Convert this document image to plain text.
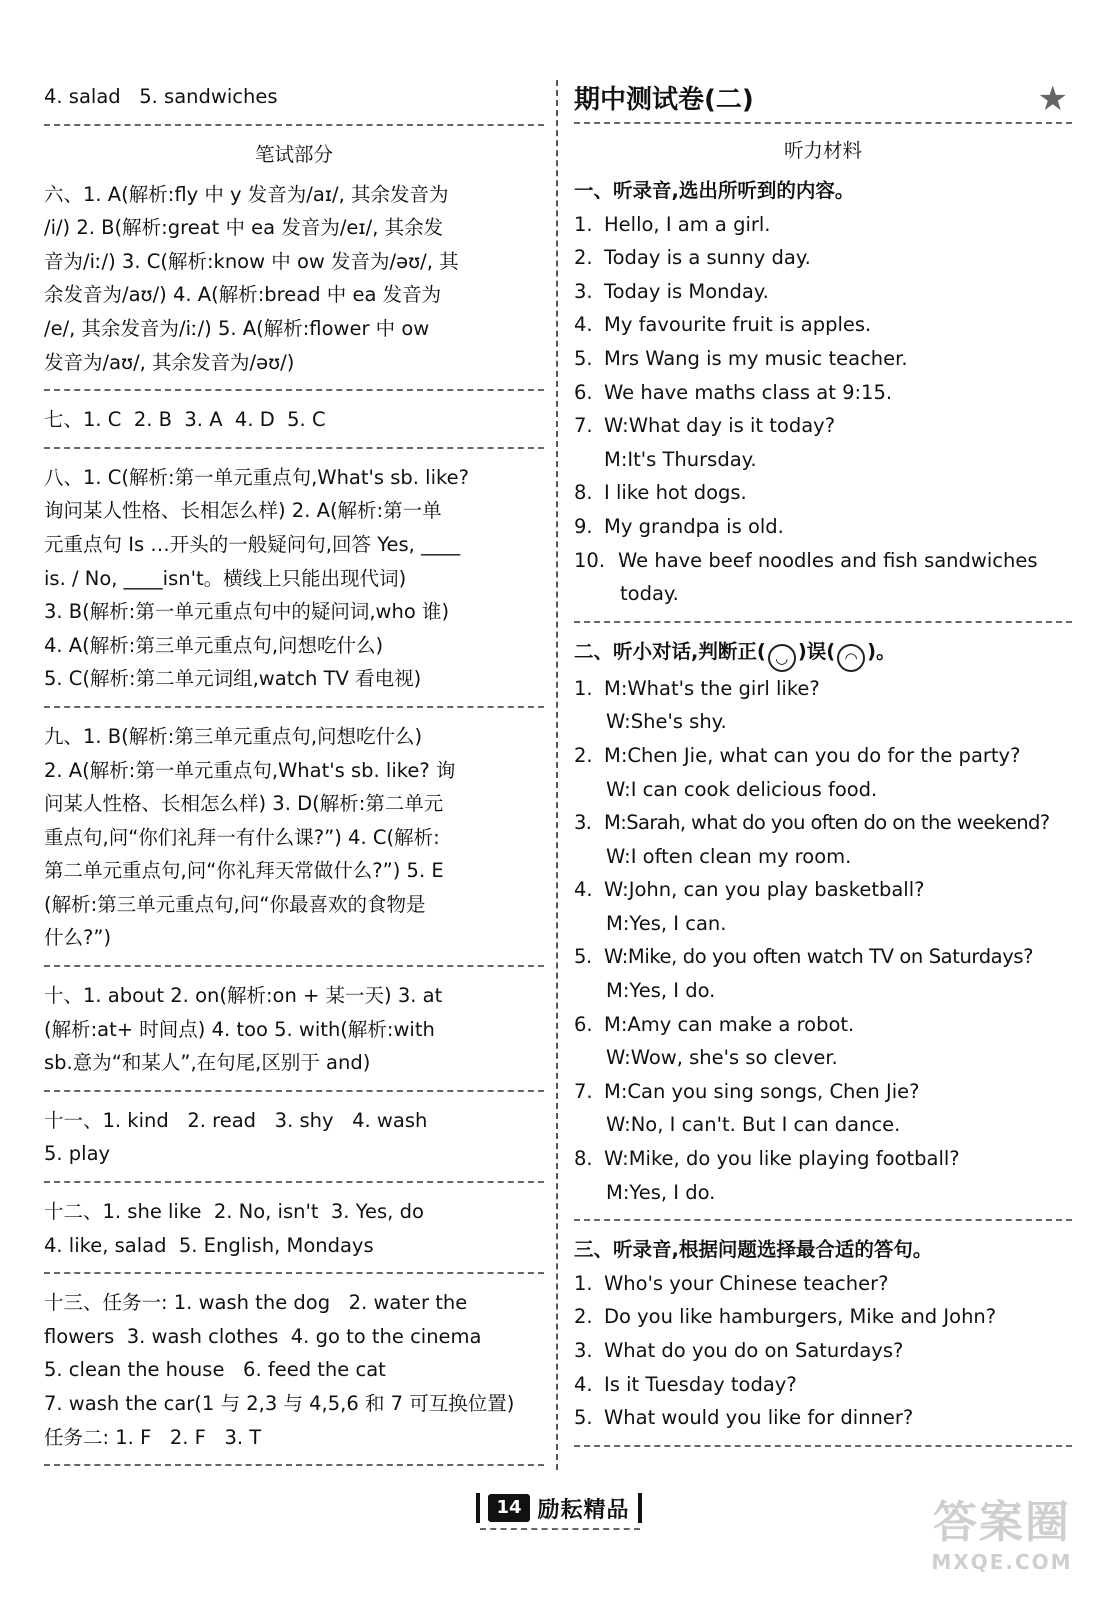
4. salad   5. sandwiches
笔试部分
六、1. A(解析:fly 中 y 发音为/aɪ/, 其余发音为
/i/) 2. B(解析:great 中 ea 发音为/eɪ/, 其余发
音为/iː/) 3. C(解析:know 中 ow 发音为/əʊ/, 其
余发音为/aʊ/) 4. A(解析:bread 中 ea 发音为
/e/, 其余发音为/iː/) 5. A(解析:flower 中 ow
发音为/aʊ/, 其余发音为/əʊ/)
七、1. C  2. B  3. A  4. D  5. C
八、1. C(解析:第一单元重点句,What's sb. like?
询问某人性格、长相怎么样) 2. A(解析:第一单
元重点句 Is …开头的一般疑问句,回答 Yes, ____
is. / No, ____isn't。横线上只能出现代词)
3. B(解析:第一单元重点句中的疑问词,who 谁)
4. A(解析:第三单元重点句,问想吃什么)
5. C(解析:第二单元词组,watch TV 看电视)
九、1. B(解析:第三单元重点句,问想吃什么)
2. A(解析:第一单元重点句,What's sb. like? 询
问某人性格、长相怎么样) 3. D(解析:第二单元
重点句,问“你们礼拜一有什么课?”) 4. C(解析:
第二单元重点句,问“你礼拜天常做什么?”) 5. E
(解析:第三单元重点句,问“你最喜欢的食物是
什么?”)
十、1. about 2. on(解析:on + 某一天) 3. at
(解析:at+ 时间点) 4. too 5. with(解析:with
sb.意为“和某人”,在句尾,区别于 and)
十一、1. kind   2. read   3. shy   4. wash
5. play
十二、1. she like  2. No, isn't  3. Yes, do
4. like, salad  5. English, Mondays
十三、任务一: 1. wash the dog   2. water the
flowers  3. wash clothes  4. go to the cinema
5. clean the house   6. feed the cat
7. wash the car(1 与 2,3 与 4,5,6 和 7 可互换位置)
任务二: 1. F   2. F   3. T
期中测试卷(二)	★
听力材料
一、听录音,选出所听到的内容。
1. Hello, I am a girl.
2. Today is a sunny day.
3. Today is Monday.
4. My favourite fruit is apples.
5. Mrs Wang is my music teacher.
6. We have maths class at 9:15.
7. W:What day is it today?
M:It's Thursday.
8. I like hot dogs.
9. My grandpa is old.
10. We have beef noodles and fish sandwiches
today.
二、听小对话,判断正( ◡ )误( ◠ )。
1. M:What's the girl like?
W:She's shy.
2. M:Chen Jie, what can you do for the party?
W:I can cook delicious food.
3. M:Sarah, what do you often do on the weekend?
W:I often clean my room.
4. W:John, can you play basketball?
M:Yes, I can.
5. W:Mike, do you often watch TV on Saturdays?
M:Yes, I do.
6. M:Amy can make a robot.
W:Wow, she's so clever.
7. M:Can you sing songs, Chen Jie?
W:No, I can't. But I can dance.
8. W:Mike, do you like playing football?
M:Yes, I do.
三、听录音,根据问题选择最合适的答句。
1. Who's your Chinese teacher?
2. Do you like hamburgers, Mike and John?
3. What do you do on Saturdays?
4. Is it Tuesday today?
5. What would you like for dinner?
14 励耘精品	答案圈
MXQE.COM
